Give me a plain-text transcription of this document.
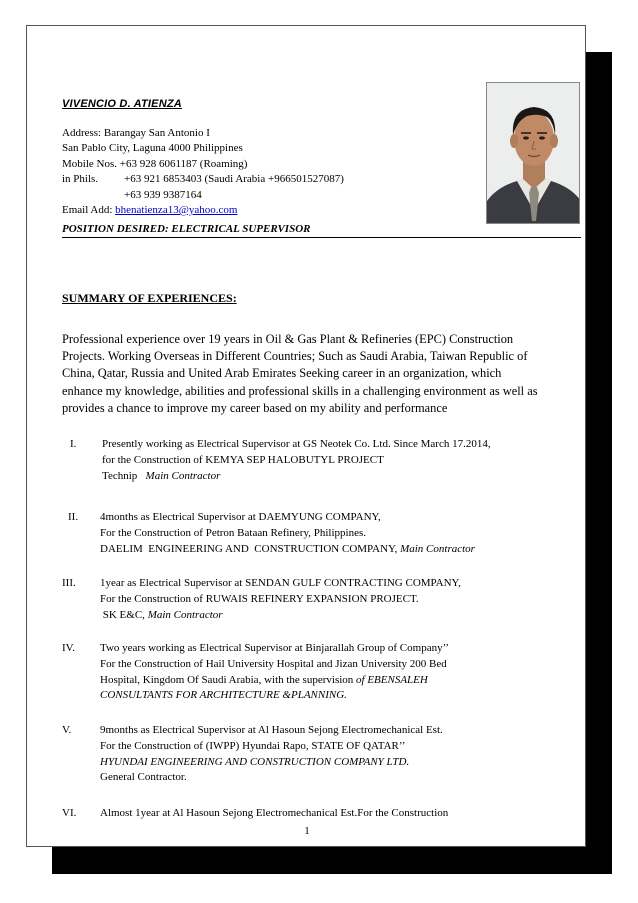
VIVENCIO D. ATIENZA
Address: Barangay San Antonio I
San Pablo City, Laguna 4000 Philippines
Mobile Nos. +63 928 6061187 (Roaming)
in Phils. +63 921 6853403 (Saudi Arabia +966501527087)
+63 939 9387164
Email Add: bhenatienza13@yahoo.com
POSITION DESIRED: ELECTRICAL SUPERVISOR
SUMMARY OF EXPERIENCES:
Professional experience over 19 years in Oil & Gas Plant & Refineries (EPC) Construction
Projects. Working Overseas in Different Countries; Such as Saudi Arabia, Taiwan Republic of
China, Qatar, Russia and United Arab Emirates Seeking career in an organization, which
enhance my knowledge, abilities and professional skills in a challenging environment as well as
provides a chance to improve my career based on my ability and performance
I. Presently working as Electrical Supervisor at GS Neotek Co. Ltd. Since March 17.2014,
for the Construction of KEMYA SEP HALOBUTYL PROJECT
Technip   Main Contractor
II. 4months as Electrical Supervisor at DAEMYUNG COMPANY,
For the Construction of Petron Bataan Refinery, Philippines.
DAELIM  ENGINEERING AND  CONSTRUCTION COMPANY, Main Contractor
III. 1year as Electrical Supervisor at SENDAN GULF CONTRACTING COMPANY,
For the Construction of RUWAIS REFINERY EXPANSION PROJECT.
SK E&C, Main Contractor
IV. Two years working as Electrical Supervisor at Binjarallah Group of Company’’
For the Construction of Hail University Hospital and Jizan University 200 Bed
Hospital, Kingdom Of Saudi Arabia, with the supervision of EBENSALEH
CONSULTANTS FOR ARCHITECTURE &PLANNING.
V.	9months as Electrical Supervisor at Al Hasoun Sejong Electromechanical Est.
For the Construction of (IWPP) Hyundai Rapo, STATE OF QATAR’’
HYUNDAI ENGINEERING AND CONSTRUCTION COMPANY LTD.
General Contractor.
VI. Almost 1year at Al Hasoun Sejong Electromechanical Est.For the Construction
1
